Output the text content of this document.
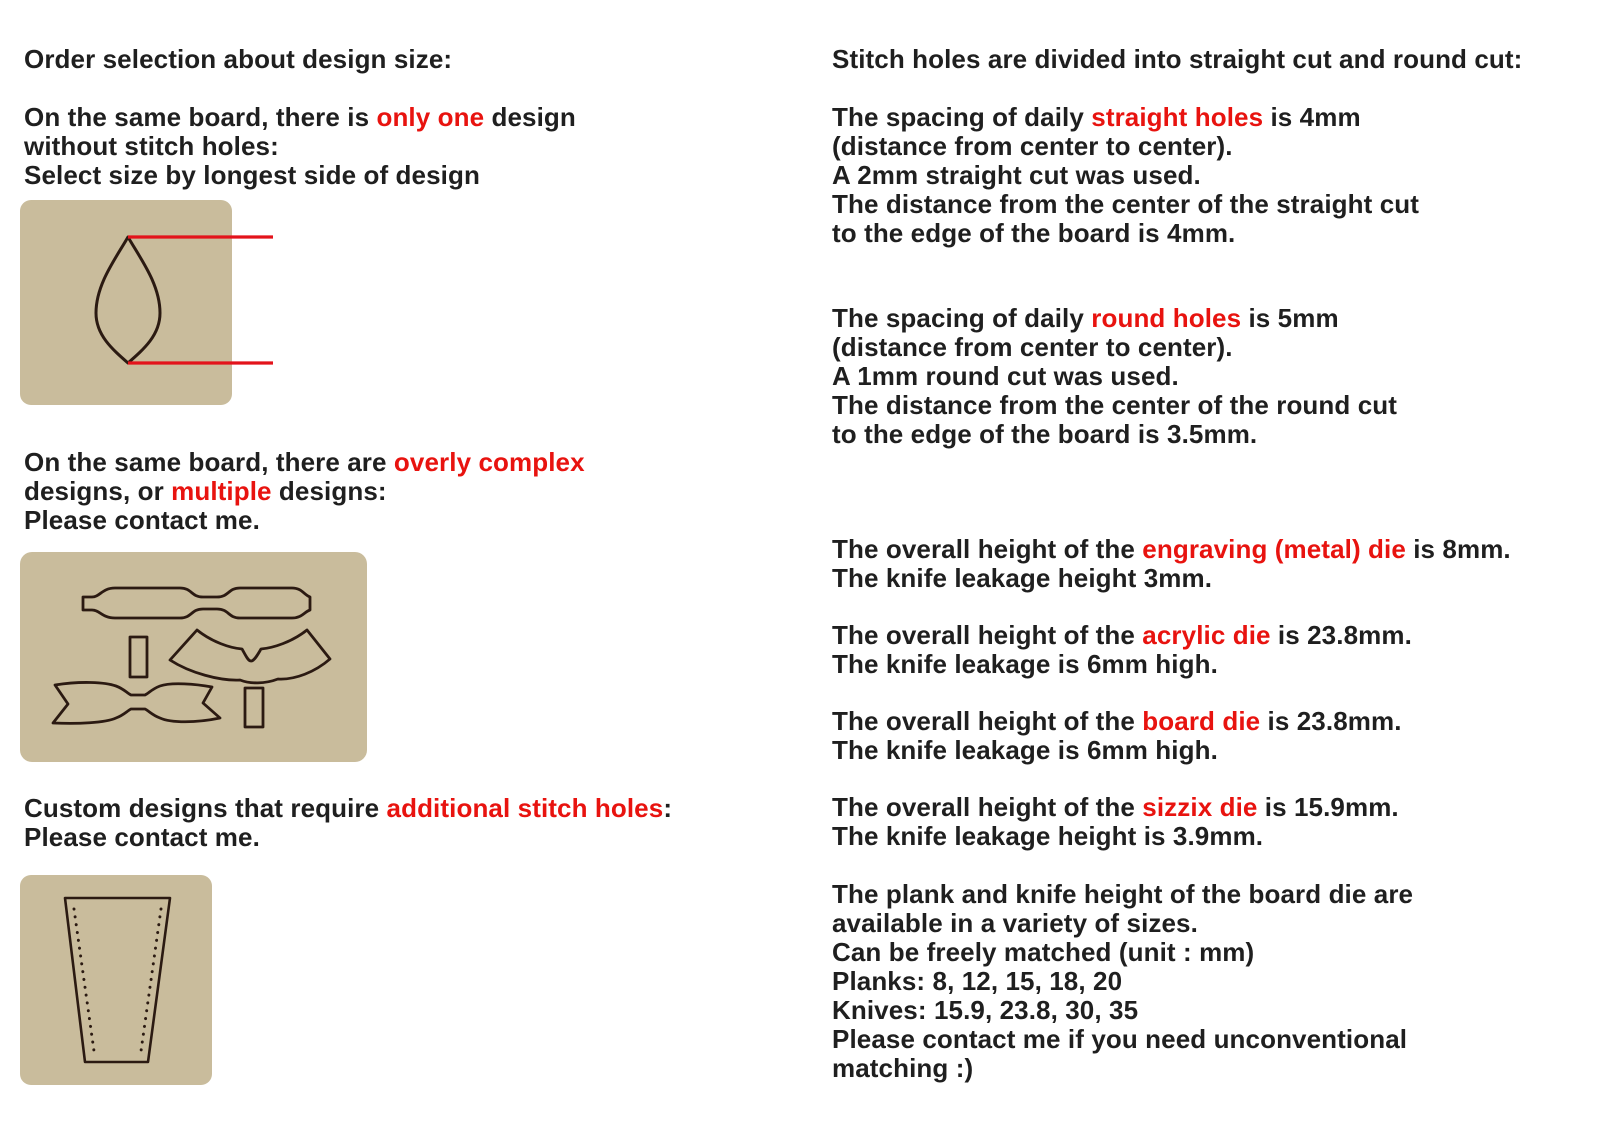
Order selection about design size:
On the same board, there is only one design
without stitch holes:
Select size by longest side of design
On the same board, there are overly complex
designs, or multiple designs:
Please contact me.
Custom designs that require additional stitch holes:
Please contact me.
Stitch holes are divided into straight cut and round cut:
The spacing of daily straight holes is 4mm
(distance from center to center).
A 2mm straight cut was used.
The distance from the center of the straight cut
to the edge of the board is 4mm.
The spacing of daily round holes is 5mm
(distance from center to center).
A 1mm round cut was used.
The distance from the center of the round cut
to the edge of the board is 3.5mm.
The overall height of the engraving (metal) die is 8mm.
The knife leakage height 3mm.
The overall height of the acrylic die is 23.8mm.
The knife leakage is 6mm high.
The overall height of the board die is 23.8mm.
The knife leakage is 6mm high.
The overall height of the sizzix die is 15.9mm.
The knife leakage height is 3.9mm.
The plank and knife height of the board die are
available in a variety of sizes.
Can be freely matched (unit : mm)
Planks: 8, 12, 15, 18, 20
Knives: 15.9, 23.8, 30, 35
Please contact me if you need unconventional
matching :)
